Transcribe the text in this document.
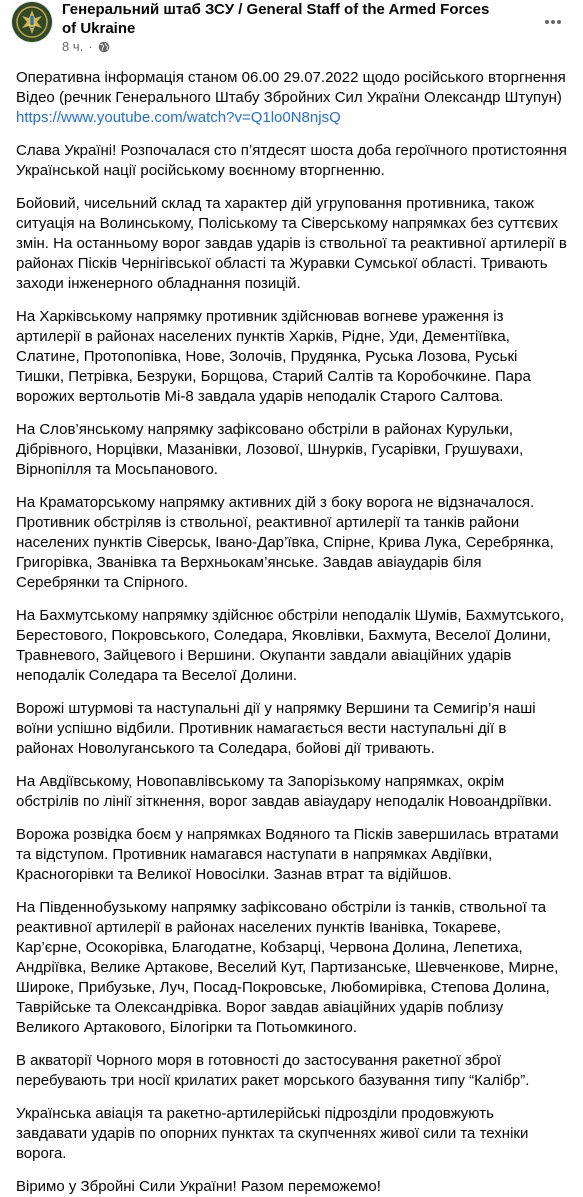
Генеральний штаб ЗСУ / General Staff of the Armed Forces of Ukraine
8 ч. ·

Оперативна інформація станом 06.00 29.07.2022 щодо російського вторгнення
Відео (речник Генерального Штабу Збройних Сил України Олександр Штупун)
https://www.youtube.com/watch?v=Q1lo0N8njsQ

Слава Україні! Розпочалася сто п’ятдесят шоста доба героїчного протистояння Українськой нації російському воєнному вторгненню.

Бойовий, чисельний склад та характер дій угруповання противника, також ситуація на Волинському, Поліському та Сіверському напрямках без суттєвих змін. На останньому ворог завдав ударів із ствольної та реактивної артилерії в районах Пісків Чернігівської області та Журавки Сумської області. Тривають заходи інженерного обладнання позицій.

На Харківському напрямку противник здійснював вогневе ураження із артилерії в районах населених пунктів Харків, Рідне, Уди, Дементіївка, Слатине, Протопопівка, Нове, Золочів, Прудянка, Руська Лозова, Руські Тишки, Петрівка, Безруки, Борщова, Старий Салтів та Коробочкине. Пара ворожих вертольотів Мі-8 завдала ударів неподалік Старого Салтова.

На Слов’янському напрямку зафіксовано обстріли в районах Курульки, Дібрівного, Норцівки, Мазанівки, Лозової, Шнурків, Гусарівки, Грушувахи, Вірнопілля та Мосьпанового.

На Краматорському напрямку активних дій з боку ворога не відзначалося. Противник обстріляв із ствольної, реактивної артилерії та танків райони населених пунктів Сіверськ, Івано-Дар’ївка, Спірне, Крива Лука, Серебрянка, Григорівка, Званівка та Верхньокам’янське. Завдав авіаударів біля Серебрянки та Спірного.

На Бахмутському напрямку здійснює обстріли неподалік Шумів, Бахмутського, Берестового, Покровського, Соледара, Яковлівки, Бахмута, Веселої Долини, Травневого, Зайцевого і Вершини. Окупанти завдали авіаційних ударів неподалік Соледара та Веселої Долини.

Ворожі штурмові та наступальні дії у напрямку Вершини та Семигір’я наші воїни успішно відбили. Противник намагається вести наступальні дії в районах Новолуганського та Соледара, бойові дії тривають.

На Авдіївському, Новопавлівському та Запорізькому напрямках, окрім обстрілів по лінії зіткнення, ворог завдав авіаудару неподалік Новоандріївки.

Ворожа розвідка боєм у напрямках Водяного та Пісків завершилась втратами та відступом. Противник намагався наступати в напрямках Авдіївки, Красногорівки та Великої Новосілки. Зазнав втрат та відійшов.

На Південнобузькому напрямку зафіксовано обстріли із танків, ствольної та реактивної артилерії в районах населених пунктів Іванівка, Токареве, Кар’єрне, Осокорівка, Благодатне, Кобзарці, Червона Долина, Лепетиха, Андріївка, Велике Артакове, Веселий Кут, Партизанське, Шевченкове, Мирне, Широке, Прибузьке, Луч, Посад-Покровське, Любомирівка, Степова Долина, Таврійське та Олександрівка. Ворог завдав авіаційних ударів поблизу Великого Артакового, Білогірки та Потьомкиного.

В акваторії Чорного моря в готовності до застосування ракетної зброї перебувають три носії крилатих ракет морського базування типу “Калібр”.

Українська авіація та ракетно-артилерійські підрозділи продовжують завдавати ударів по опорних пунктах та скупченнях живої сили та техніки ворога.

Віримо у Збройні Сили України! Разом переможемо!
